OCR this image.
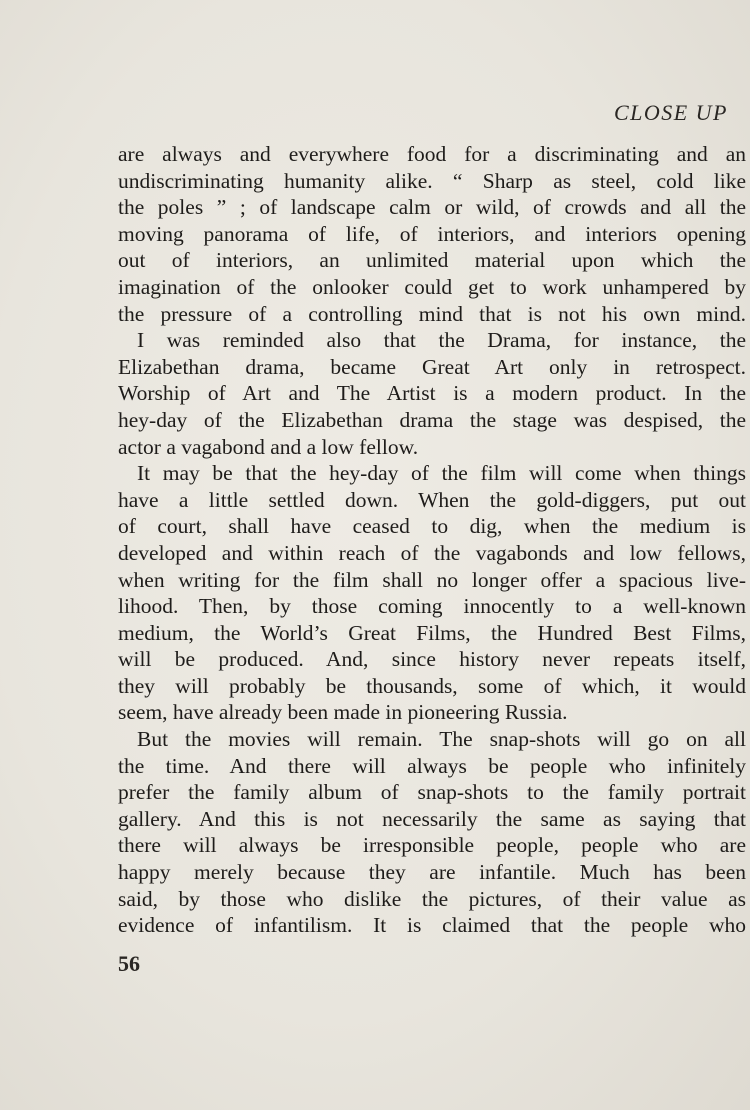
CLOSE UP
are always and everywhere food for a discriminating and an
undiscriminating humanity alike. “ Sharp as steel, cold like
the poles ” ; of landscape calm or wild, of crowds and all the
moving panorama of life, of interiors, and interiors opening
out of interiors, an unlimited material upon which the
imagination of the onlooker could get to work unhampered by
the pressure of a controlling mind that is not his own mind.
I was reminded also that the Drama, for instance, the
Elizabethan drama, became Great Art only in retrospect.
Worship of Art and The Artist is a modern product. In the
hey-day of the Elizabethan drama the stage was despised, the
actor a vagabond and a low fellow.
It may be that the hey-day of the film will come when things
have a little settled down. When the gold-diggers, put out
of court, shall have ceased to dig, when the medium is
developed and within reach of the vagabonds and low fellows,
when writing for the film shall no longer offer a spacious live-
lihood. Then, by those coming innocently to a well-known
medium, the World’s Great Films, the Hundred Best Films,
will be produced. And, since history never repeats itself,
they will probably be thousands, some of which, it would
seem, have already been made in pioneering Russia.
But the movies will remain. The snap-shots will go on all
the time. And there will always be people who infinitely
prefer the family album of snap-shots to the family portrait
gallery. And this is not necessarily the same as saying that
there will always be irresponsible people, people who are
happy merely because they are infantile. Much has been
said, by those who dislike the pictures, of their value as
evidence of infantilism. It is claimed that the people who
56
